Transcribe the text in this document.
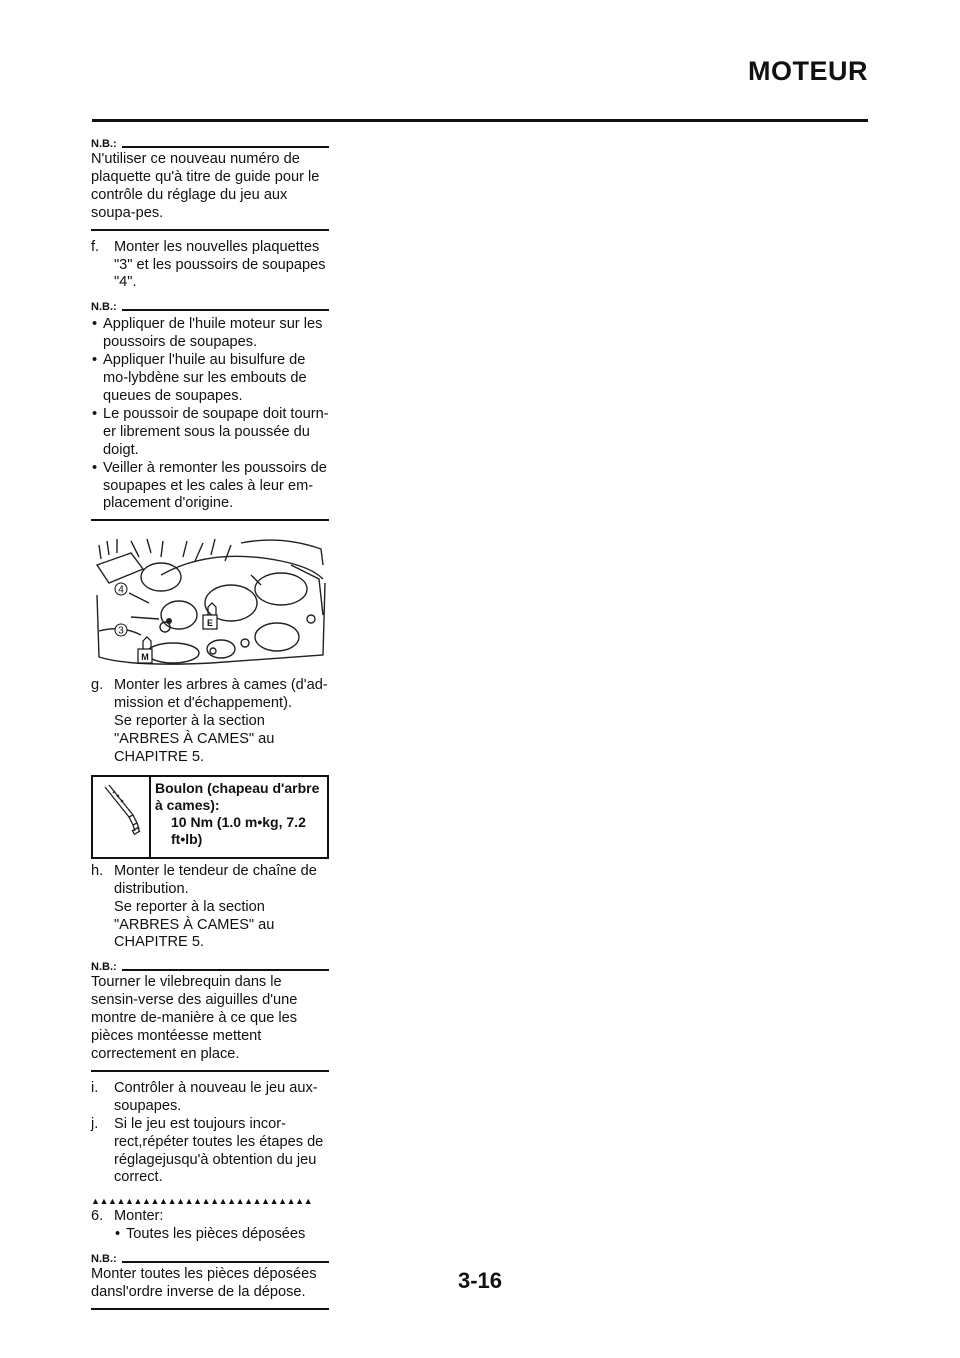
MOTEUR
N.B.:
N'utiliser ce nouveau numéro de plaquette qu'à titre de guide pour le contrôle du réglage du jeu aux soupa-pes.
f.	Monter les nouvelles plaquettes "3" et les poussoirs de soupapes "4".
N.B.:
• Appliquer de l'huile moteur sur les poussoirs de soupapes.
• Appliquer l'huile au bisulfure de mo-lybdène sur les embouts de queues de soupapes.
• Le poussoir de soupape doit tourn-er librement sous la poussée du doigt.
• Veiller à remonter les poussoirs de soupapes et les cales à leur em-placement d'origine.
4
3
E
M
g. Monter les arbres à cames (d'ad-mission et d'échappement).
Se reporter à la section "ARBRES À CAMES" au CHAPITRE 5.
Boulon (chapeau d'arbre à cames):
10 Nm (1.0 m•kg, 7.2 ft•lb)
h. Monter le tendeur de chaîne de distribution.
Se reporter à la section "ARBRES À CAMES" au CHAPITRE 5.
N.B.:
Tourner le vilebrequin dans le sensin-verse des aiguilles d'une montre de-manière à ce que les pièces montéesse mettent correctement en place.
i.	Contrôler à nouveau le jeu aux-soupapes.
j.	Si le jeu est toujours incor-rect,répéter toutes les étapes de réglagejusqu'à obtention du jeu correct.
▲▲▲▲▲▲▲▲▲▲▲▲▲▲▲▲▲▲▲▲▲▲▲▲▲▲
6. Monter:
• Toutes les pièces déposées
N.B.:
Monter toutes les pièces déposées dansl'ordre inverse de la dépose.	3-16
